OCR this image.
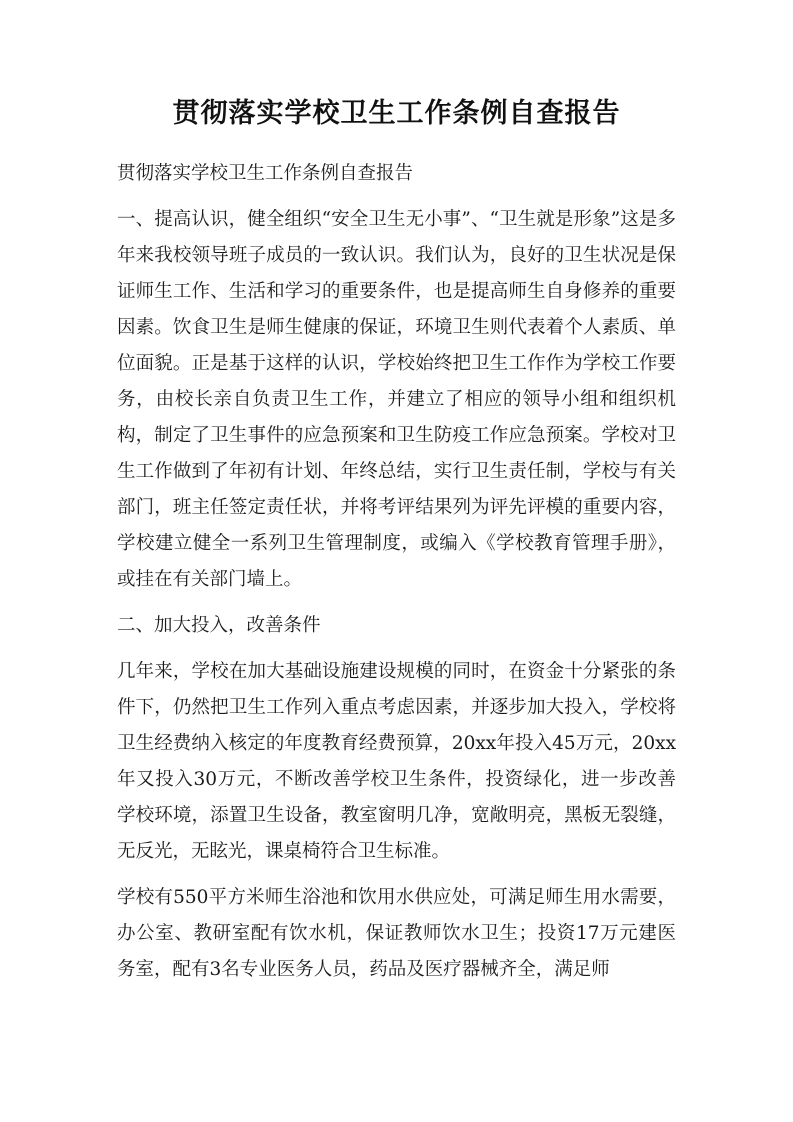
贯彻落实学校卫生工作条例自查报告

贯彻落实学校卫生工作条例自查报告

一、提高认识，健全组织“安全卫生无小事”、“卫生就是形象”这是多年来我校领导班子成员的一致认识。我们认为，良好的卫生状况是保证师生工作、生活和学习的重要条件，也是提高师生自身修养的重要因素。饮食卫生是师生健康的保证，环境卫生则代表着个人素质、单位面貌。正是基于这样的认识，学校始终把卫生工作作为学校工作要务，由校长亲自负责卫生工作，并建立了相应的领导小组和组织机构，制定了卫生事件的应急预案和卫生防疫工作应急预案。学校对卫生工作做到了年初有计划、年终总结，实行卫生责任制，学校与有关部门，班主任签定责任状，并将考评结果列为评先评模的重要内容，学校建立健全一系列卫生管理制度，或编入《学校教育管理手册》，或挂在有关部门墙上。

二、加大投入，改善条件

几年来，学校在加大基础设施建设规模的同时，在资金十分紧张的条件下，仍然把卫生工作列入重点考虑因素，并逐步加大投入，学校将卫生经费纳入核定的年度教育经费预算，20xx年投入45万元，20xx年又投入30万元，不断改善学校卫生条件，投资绿化，进一步改善学校环境，添置卫生设备，教室窗明几净，宽敞明亮，黑板无裂缝，无反光，无眩光，课桌椅符合卫生标准。

学校有550平方米师生浴池和饮用水供应处，可满足师生用水需要，办公室、教研室配有饮水机，保证教师饮水卫生；投资17万元建医务室，配有3名专业医务人员，药品及医疗器械齐全，满足师
